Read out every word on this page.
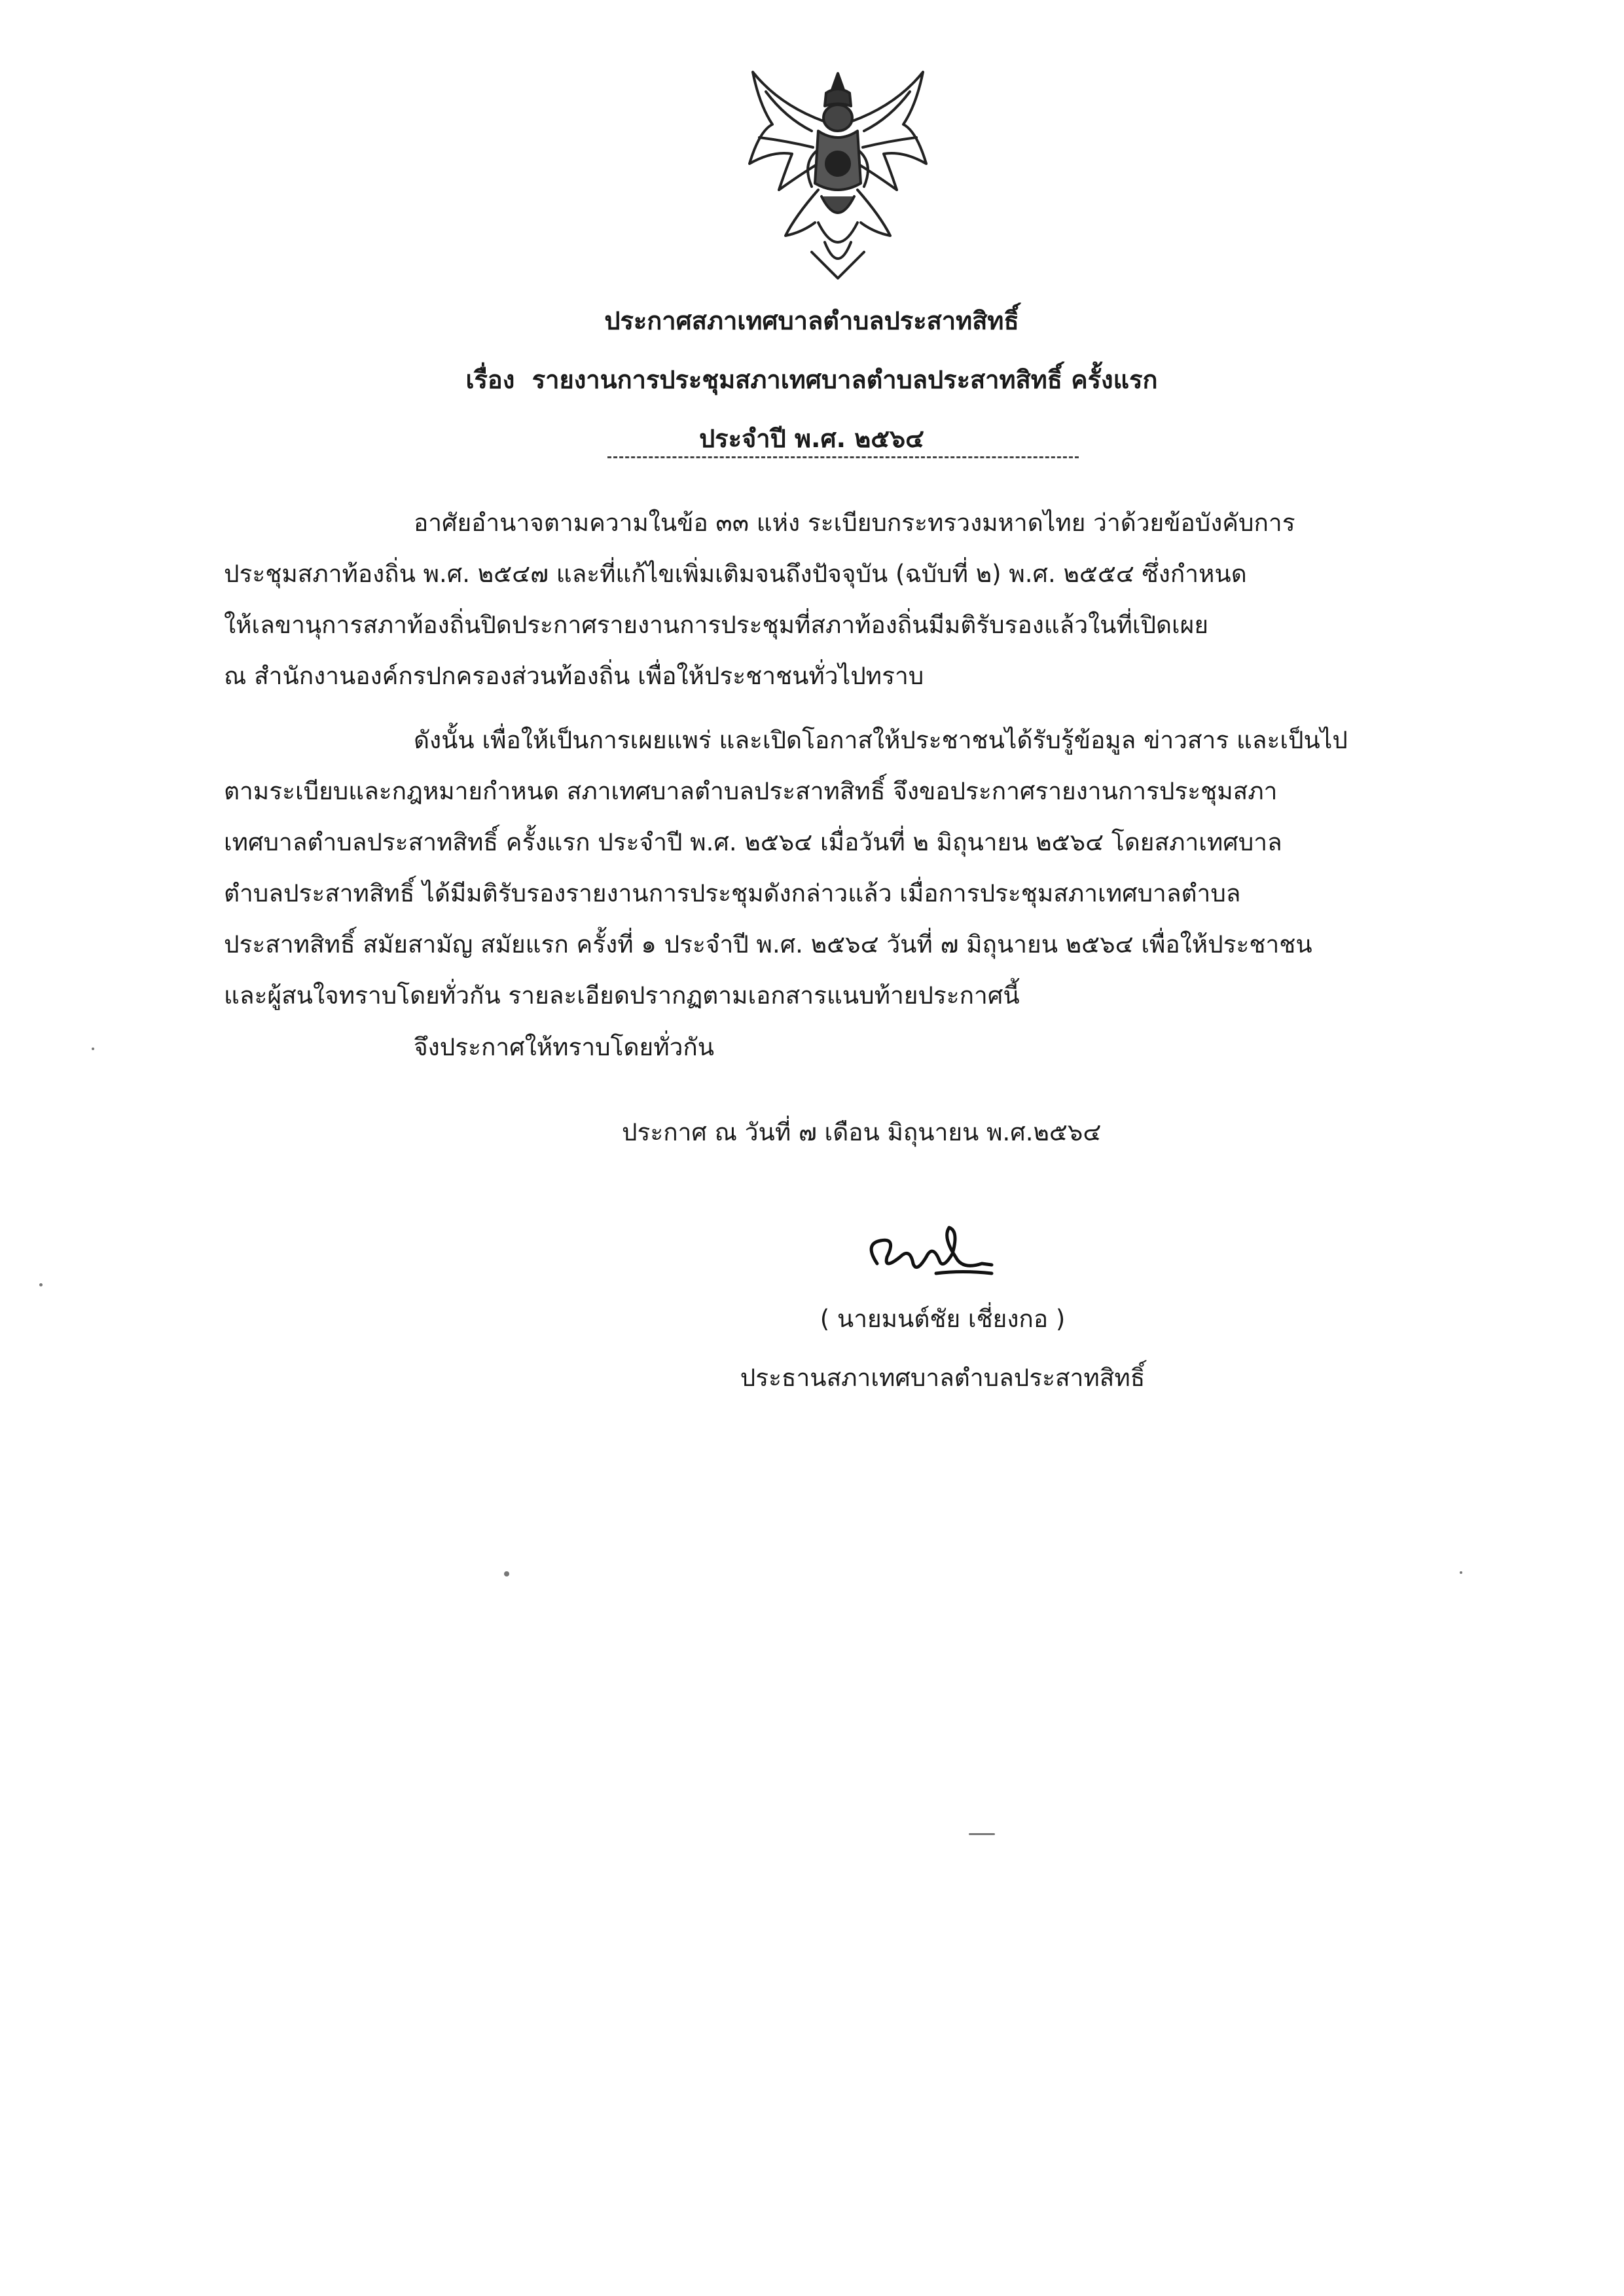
ประกาศสภาเทศบาลตำบลประสาทสิทธิ์
เรื่อง รายงานการประชุมสภาเทศบาลตำบลประสาทสิทธิ์ ครั้งแรก
ประจำปี พ.ศ. ๒๕๖๔
อาศัยอำนาจตามความในข้อ ๓๓ แห่ง ระเบียบกระทรวงมหาดไทย ว่าด้วยข้อบังคับการ
ประชุมสภาท้องถิ่น พ.ศ. ๒๕๔๗ และที่แก้ไขเพิ่มเติมจนถึงปัจจุบัน (ฉบับที่ ๒) พ.ศ. ๒๕๕๔ ซึ่งกำหนด
ให้เลขานุการสภาท้องถิ่นปิดประกาศรายงานการประชุมที่สภาท้องถิ่นมีมติรับรองแล้วในที่เปิดเผย
ณ สำนักงานองค์กรปกครองส่วนท้องถิ่น เพื่อให้ประชาชนทั่วไปทราบ
ดังนั้น เพื่อให้เป็นการเผยแพร่ และเปิดโอกาสให้ประชาชนได้รับรู้ข้อมูล ข่าวสาร และเป็นไป
ตามระเบียบและกฎหมายกำหนด สภาเทศบาลตำบลประสาทสิทธิ์ จึงขอประกาศรายงานการประชุมสภา
เทศบาลตำบลประสาทสิทธิ์ ครั้งแรก ประจำปี พ.ศ. ๒๕๖๔ เมื่อวันที่ ๒ มิถุนายน ๒๕๖๔ โดยสภาเทศบาล
ตำบลประสาทสิทธิ์ ได้มีมติรับรองรายงานการประชุมดังกล่าวแล้ว เมื่อการประชุมสภาเทศบาลตำบล
ประสาทสิทธิ์ สมัยสามัญ สมัยแรก ครั้งที่ ๑ ประจำปี พ.ศ. ๒๕๖๔ วันที่ ๗ มิถุนายน ๒๕๖๔ เพื่อให้ประชาชน
และผู้สนใจทราบโดยทั่วกัน รายละเอียดปรากฏตามเอกสารแนบท้ายประกาศนี้
จึงประกาศให้ทราบโดยทั่วกัน
ประกาศ ณ วันที่ ๗ เดือน มิถุนายน พ.ศ.๒๕๖๔
( นายมนต์ชัย เชี่ยงกอ )
ประธานสภาเทศบาลตำบลประสาทสิทธิ์
